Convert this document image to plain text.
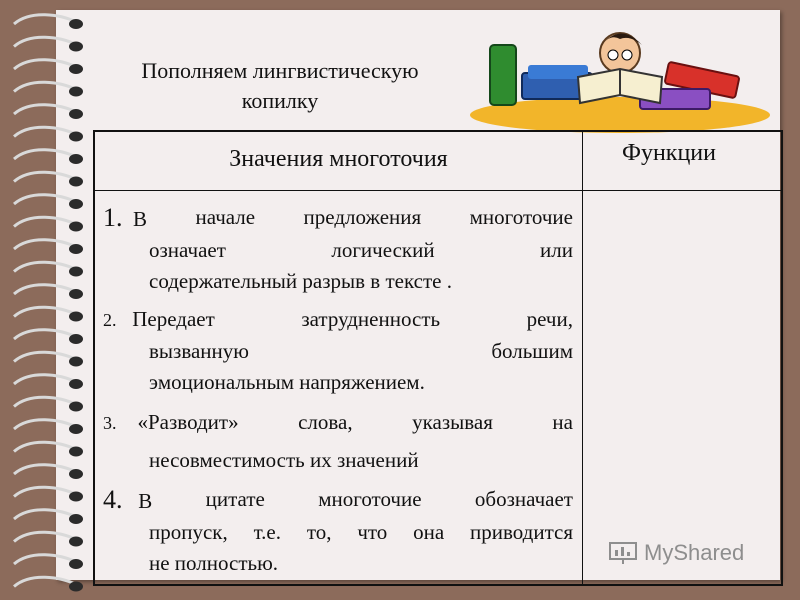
Пополняем лингвистическую
копилку
Значения многоточия	Функции
1. В начале предложения многоточие
означает	логический	или
содержательный разрыв в тексте .
2. Передает	затрудненность	речи,
вызванную	большим
эмоциональным напряжением.
3. «Разводит»	слова,	указывая	на
несовместимость их значений
4. В	цитате	многоточие	обозначает
пропуск, т.е. то, что она приводится
не полностью.	MyShared
